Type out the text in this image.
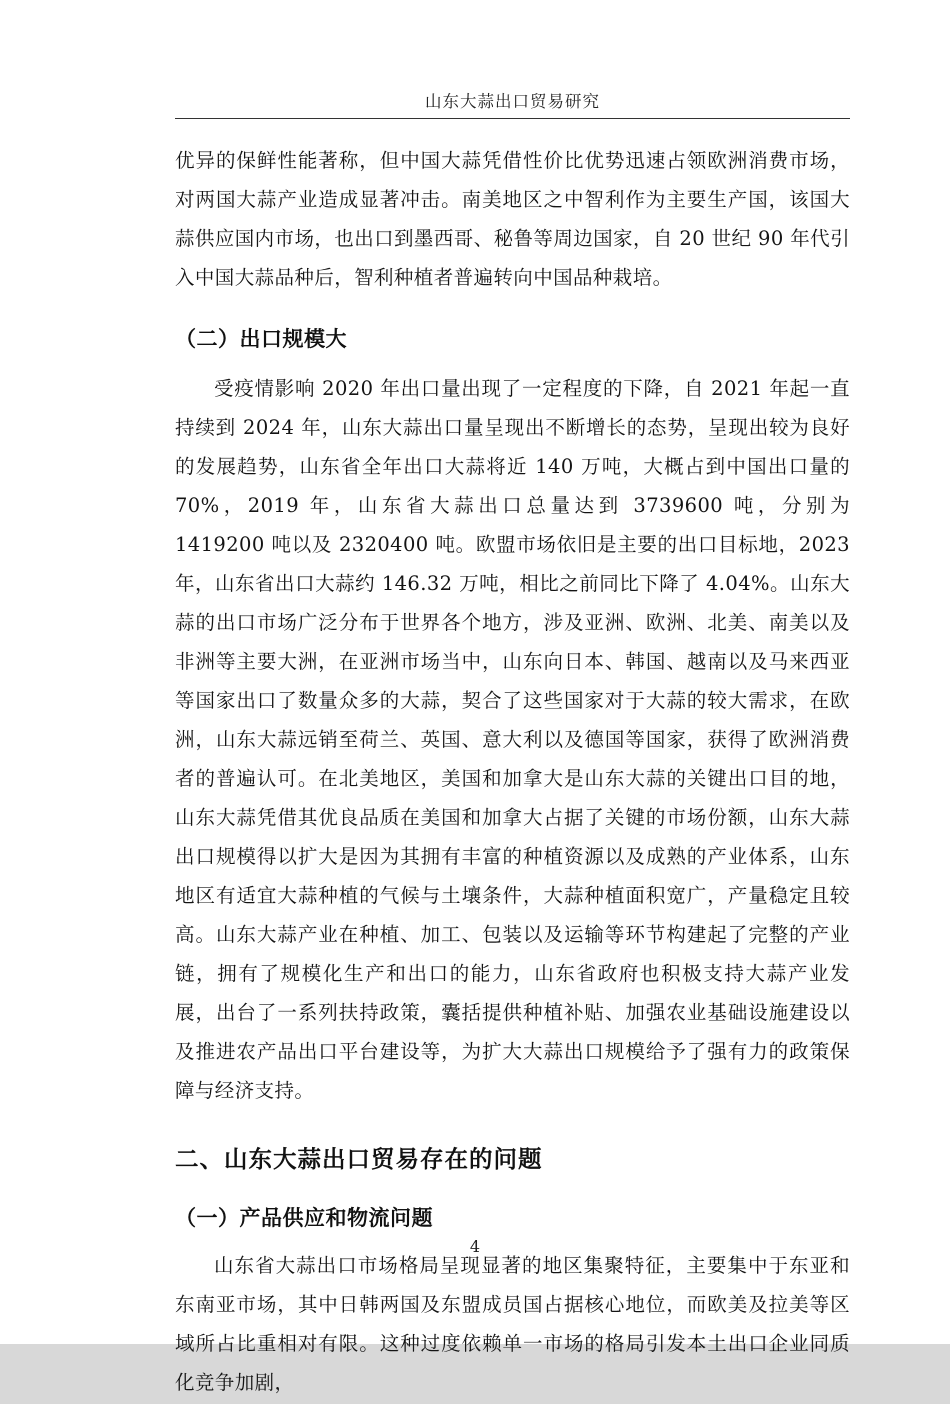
山东大蒜出口贸易研究

优异的保鲜性能著称，但中国大蒜凭借性价比优势迅速占领欧洲消费市场，对两国大蒜产业造成显著冲击。南美地区之中智利作为主要生产国，该国大蒜供应国内市场，也出口到墨西哥、秘鲁等周边国家，自 20 世纪 90 年代引入中国大蒜品种后，智利种植者普遍转向中国品种栽培。

（二）出口规模大

受疫情影响 2020 年出口量出现了一定程度的下降，自 2021 年起一直持续到 2024 年，山东大蒜出口量呈现出不断增长的态势，呈现出较为良好的发展趋势，山东省全年出口大蒜将近 140 万吨，大概占到中国出口量的 70%，2019 年，山东省大蒜出口总量达到 3739600 吨，分别为 1419200 吨以及 2320400 吨。欧盟市场依旧是主要的出口目标地，2023 年，山东省出口大蒜约 146.32 万吨，相比之前同比下降了 4.04%。山东大蒜的出口市场广泛分布于世界各个地方，涉及亚洲、欧洲、北美、南美以及非洲等主要大洲，在亚洲市场当中，山东向日本、韩国、越南以及马来西亚等国家出口了数量众多的大蒜，契合了这些国家对于大蒜的较大需求，在欧洲，山东大蒜远销至荷兰、英国、意大利以及德国等国家，获得了欧洲消费者的普遍认可。在北美地区，美国和加拿大是山东大蒜的关键出口目的地，山东大蒜凭借其优良品质在美国和加拿大占据了关键的市场份额，山东大蒜出口规模得以扩大是因为其拥有丰富的种植资源以及成熟的产业体系，山东地区有适宜大蒜种植的气候与土壤条件，大蒜种植面积宽广，产量稳定且较高。山东大蒜产业在种植、加工、包装以及运输等环节构建起了完整的产业链，拥有了规模化生产和出口的能力，山东省政府也积极支持大蒜产业发展，出台了一系列扶持政策，囊括提供种植补贴、加强农业基础设施建设以及推进农产品出口平台建设等，为扩大大蒜出口规模给予了强有力的政策保障与经济支持。

二、山东大蒜出口贸易存在的问题
（一）产品供应和物流问题

山东省大蒜出口市场格局呈现显著的地区集聚特征，主要集中于东亚和东南亚市场，其中日韩两国及东盟成员国占据核心地位，而欧美及拉美等区域所占比重相对有限。这种过度依赖单一市场的格局引发本土出口企业同质化竞争加剧，

4
